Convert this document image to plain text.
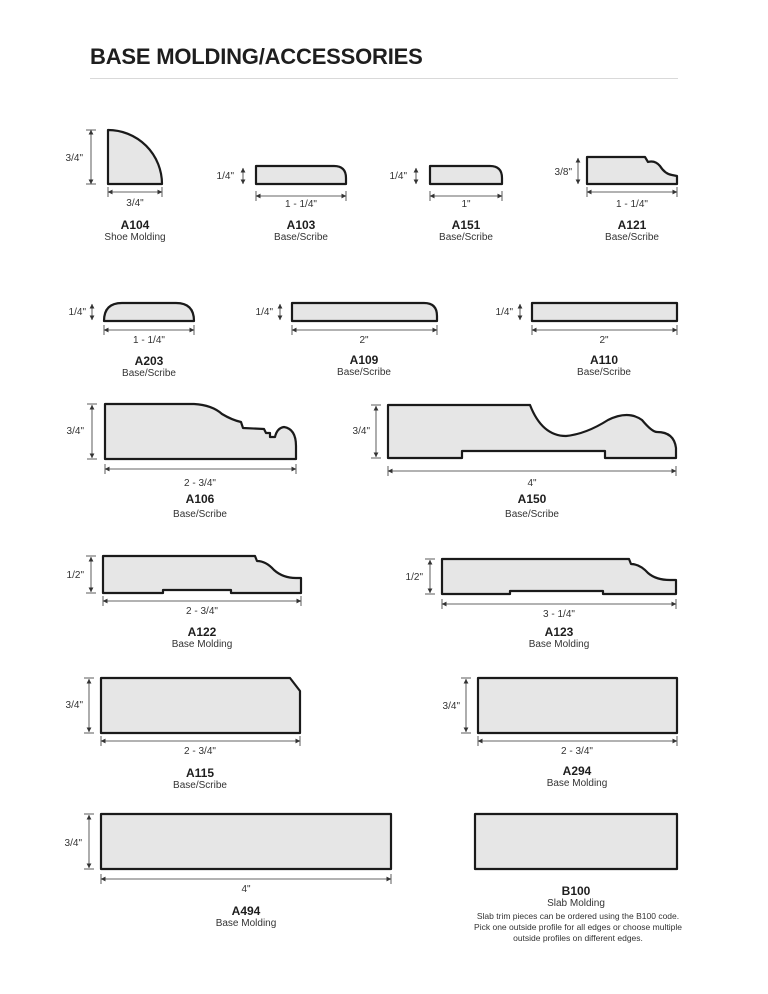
BASE MOLDING/ACCESSORIES
3/4"
3/4"
A104
Shoe Molding
1/4"
1 - 1/4"
A103
Base/Scribe
1/4"
1"
A151
Base/Scribe
3/8"
1 - 1/4"
A121
Base/Scribe
1/4"
1 - 1/4"
A203
Base/Scribe
1/4"
2"
A109
Base/Scribe
1/4"
2"
A110
Base/Scribe
3/4"
2 - 3/4"
A106
Base/Scribe
3/4"
4"
A150
Base/Scribe
1/2"
2 - 3/4"
A122
Base Molding
1/2"
3 - 1/4"
A123
Base Molding
3/4"
2 - 3/4"
A115
Base/Scribe
3/4"
2 - 3/4"
A294
Base Molding
3/4"
4"
A494
Base Molding
B100
Slab Molding

Slab trim pieces can be ordered using the B100 code. Pick one outside profile for all edges or choose multiple outside profiles on different edges.
